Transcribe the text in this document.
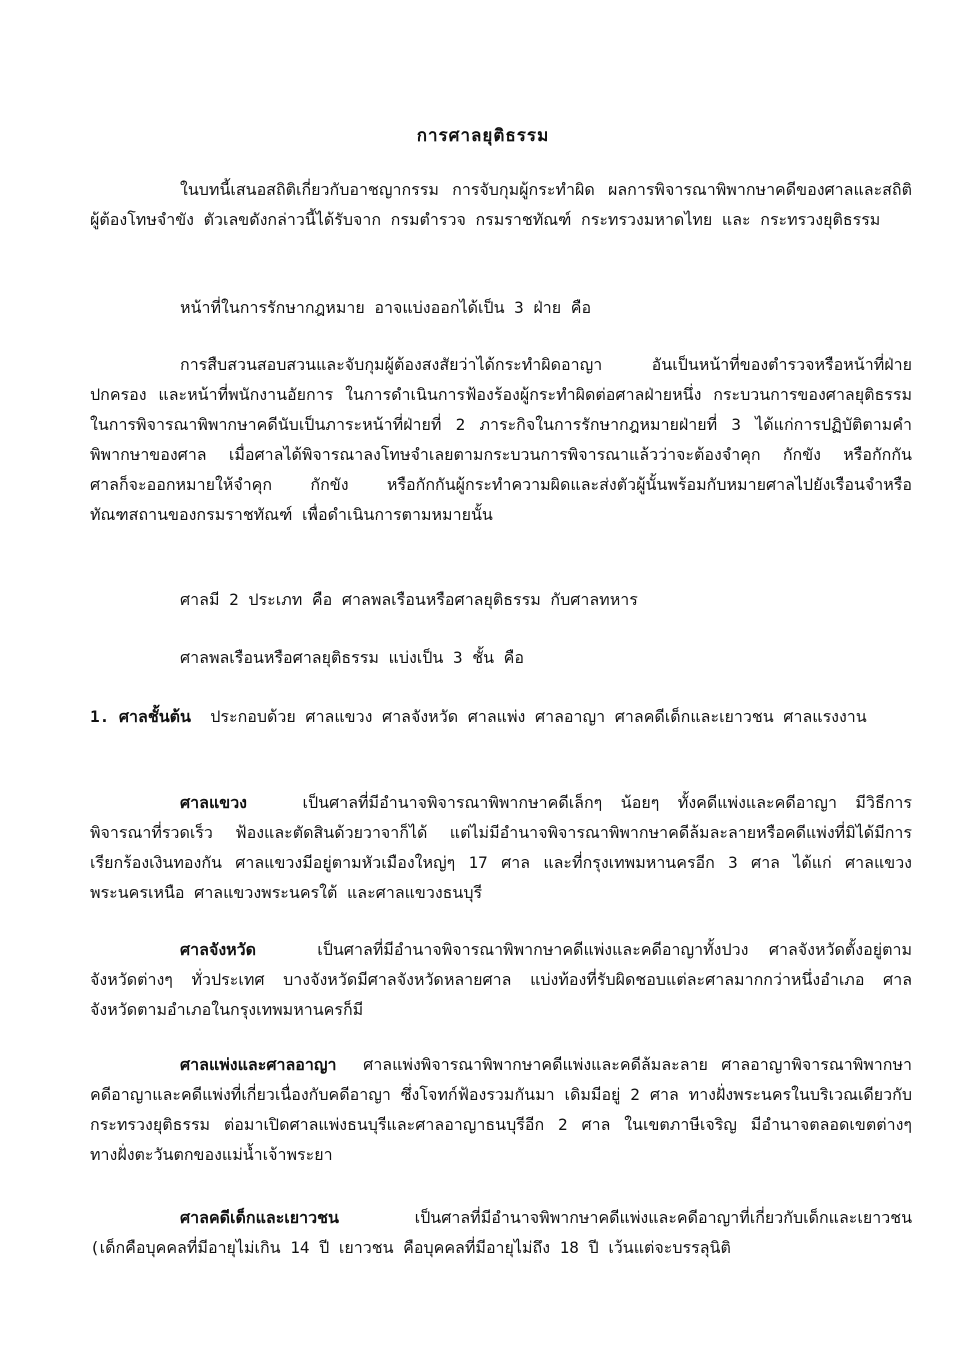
การศาลยุติธรรม

ในบทนี้เสนอสถิติเกี่ยวกับอาชญากรรม การจับกุมผู้กระทำผิด ผลการพิจารณาพิพากษาคดีของศาลและสถิติผู้ต้องโทษจำขัง ตัวเลขดังกล่าวนี้ได้รับจาก กรมตำรวจ กรมราชทัณฑ์ กระทรวงมหาดไทย และ กระทรวงยุติธรรม

หน้าที่ในการรักษากฎหมาย อาจแบ่งออกได้เป็น 3 ฝ่าย คือ

การสืบสวนสอบสวนและจับกุมผู้ต้องสงสัยว่าได้กระทำผิดอาญา อันเป็นหน้าที่ของตำรวจหรือหน้าที่ฝ่ายปกครอง และหน้าที่พนักงานอัยการ ในการดำเนินการฟ้องร้องผู้กระทำผิดต่อศาลฝ่ายหนึ่ง กระบวนการของศาลยุติธรรมในการพิจารณาพิพากษาคดีนับเป็นภาระหน้าที่ฝ่ายที่ 2 ภาระกิจในการรักษากฎหมายฝ่ายที่ 3 ได้แก่การปฏิบัติตามคำพิพากษาของศาล เมื่อศาลได้พิจารณาลงโทษจำเลยตามกระบวนการพิจารณาแล้วว่าจะต้องจำคุก กักขัง หรือกักกัน ศาลก็จะออกหมายให้จำคุก กักขัง หรือกักกันผู้กระทำความผิดและส่งตัวผู้นั้นพร้อมกับหมายศาลไปยังเรือนจำหรือทัณฑสถานของกรมราชทัณฑ์ เพื่อดำเนินการตามหมายนั้น

ศาลมี 2 ประเภท คือ ศาลพลเรือนหรือศาลยุติธรรม กับศาลทหาร

ศาลพลเรือนหรือศาลยุติธรรม แบ่งเป็น 3 ชั้น คือ

1. ศาลชั้นต้น ประกอบด้วย ศาลแขวง ศาลจังหวัด ศาลแพ่ง ศาลอาญา ศาลคดีเด็กและเยาวชน ศาลแรงงาน

ศาลแขวง	เป็นศาลที่มีอำนาจพิจารณาพิพากษาคดีเล็กๆ น้อยๆ ทั้งคดีแพ่งและคดีอาญา มีวิธีการพิจารณาที่รวดเร็ว ฟ้องและตัดสินด้วยวาจาก็ได้ แต่ไม่มีอำนาจพิจารณาพิพากษาคดีล้มละลายหรือคดีแพ่งที่มิได้มีการเรียกร้องเงินทองกัน ศาลแขวงมีอยู่ตามหัวเมืองใหญ่ๆ 17 ศาล และที่กรุงเทพมหานครอีก 3 ศาล ได้แก่ ศาลแขวงพระนครเหนือ ศาลแขวงพระนครใต้ และศาลแขวงธนบุรี

ศาลจังหวัด	เป็นศาลที่มีอำนาจพิจารณาพิพากษาคดีแพ่งและคดีอาญาทั้งปวง ศาลจังหวัดตั้งอยู่ตามจังหวัดต่างๆ ทั่วประเทศ บางจังหวัดมีศาลจังหวัดหลายศาล แบ่งท้องที่รับผิดชอบแต่ละศาลมากกว่าหนึ่งอำเภอ ศาลจังหวัดตามอำเภอในกรุงเทพมหานครก็มี

ศาลแพ่งและศาลอาญา ศาลแพ่งพิจารณาพิพากษาคดีแพ่งและคดีล้มละลาย ศาลอาญาพิจารณาพิพากษาคดีอาญาและคดีแพ่งที่เกี่ยวเนื่องกับคดีอาญา ซึ่งโจทก์ฟ้องรวมกันมา เดิมมีอยู่ 2 ศาล ทางฝั่งพระนครในบริเวณเดียวกับกระทรวงยุติธรรม ต่อมาเปิดศาลแพ่งธนบุรีและศาลอาญาธนบุรีอีก 2 ศาล ในเขตภาษีเจริญ มีอำนาจตลอดเขตต่างๆ ทางฝั่งตะวันตกของแม่น้ำเจ้าพระยา

ศาลคดีเด็กและเยาวชน	เป็นศาลที่มีอำนาจพิพากษาคดีแพ่งและคดีอาญาที่เกี่ยวกับเด็กและเยาวชน (เด็กคือบุคคลที่มีอายุไม่เกิน 14 ปี เยาวชน คือบุคคลที่มีอายุไม่ถึง 18 ปี เว้นแต่จะบรรลุนิติ
